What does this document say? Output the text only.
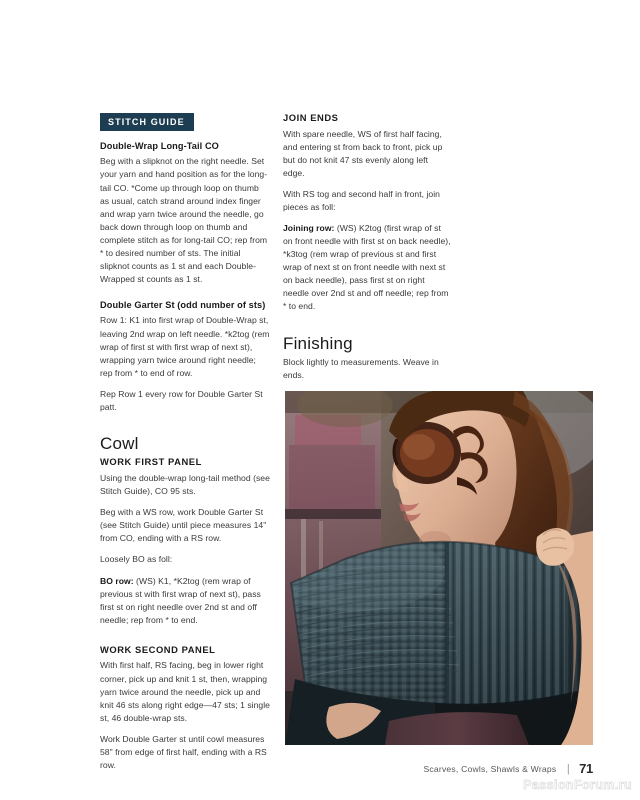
STITCH GUIDE
Double-Wrap Long-Tail CO

Beg with a slipknot on the right needle. Set your yarn and hand position as for the long-tail CO. *Come up through loop on thumb as usual, catch strand around index finger and wrap yarn twice around the needle, go back down through loop on thumb and complete stitch as for long-tail CO; rep from * to desired number of sts. The initial slipknot counts as 1 st and each Double-Wrapped st counts as 1 st.

Double Garter St (odd number of sts)

Row 1: K1 into first wrap of Double-Wrap st, leaving 2nd wrap on left needle. *k2tog (rem wrap of first st with first wrap of next st), wrapping yarn twice around right needle; rep from * to end of row.

Rep Row 1 every row for Double Garter St patt.

Cowl
WORK FIRST PANEL

Using the double-wrap long-tail method (see Stitch Guide), CO 95 sts.

Beg with a WS row, work Double Garter St (see Stitch Guide) until piece measures 14" from CO, ending with a RS row.

Loosely BO as foll:

BO row: (WS) K1, *K2tog (rem wrap of previous st with first wrap of next st), pass first st on right needle over 2nd st and off needle; rep from * to end.

WORK SECOND PANEL

With first half, RS facing, beg in lower right corner, pick up and knit 1 st, then, wrapping yarn twice around the needle, pick up and knit 46 sts along right edge—47 sts; 1 single st, 46 double-wrap sts.

Work Double Garter st until cowl measures 58" from edge of first half, ending with a RS row.

JOIN ENDS

With spare needle, WS of first half facing, and entering st from back to front, pick up but do not knit 47 sts evenly along left edge.

With RS tog and second half in front, join pieces as foll:

Joining row: (WS) K2tog (first wrap of st on front needle with first st on back needle), *k3tog (rem wrap of previous st and first wrap of next st on front needle with next st on back needle), pass first st on right needle over 2nd st and off needle; rep from * to end.

Finishing

Block lightly to measurements. Weave in ends.

Scarves, Cowls, Shawls & Wraps | 71
PassionForum.ru
